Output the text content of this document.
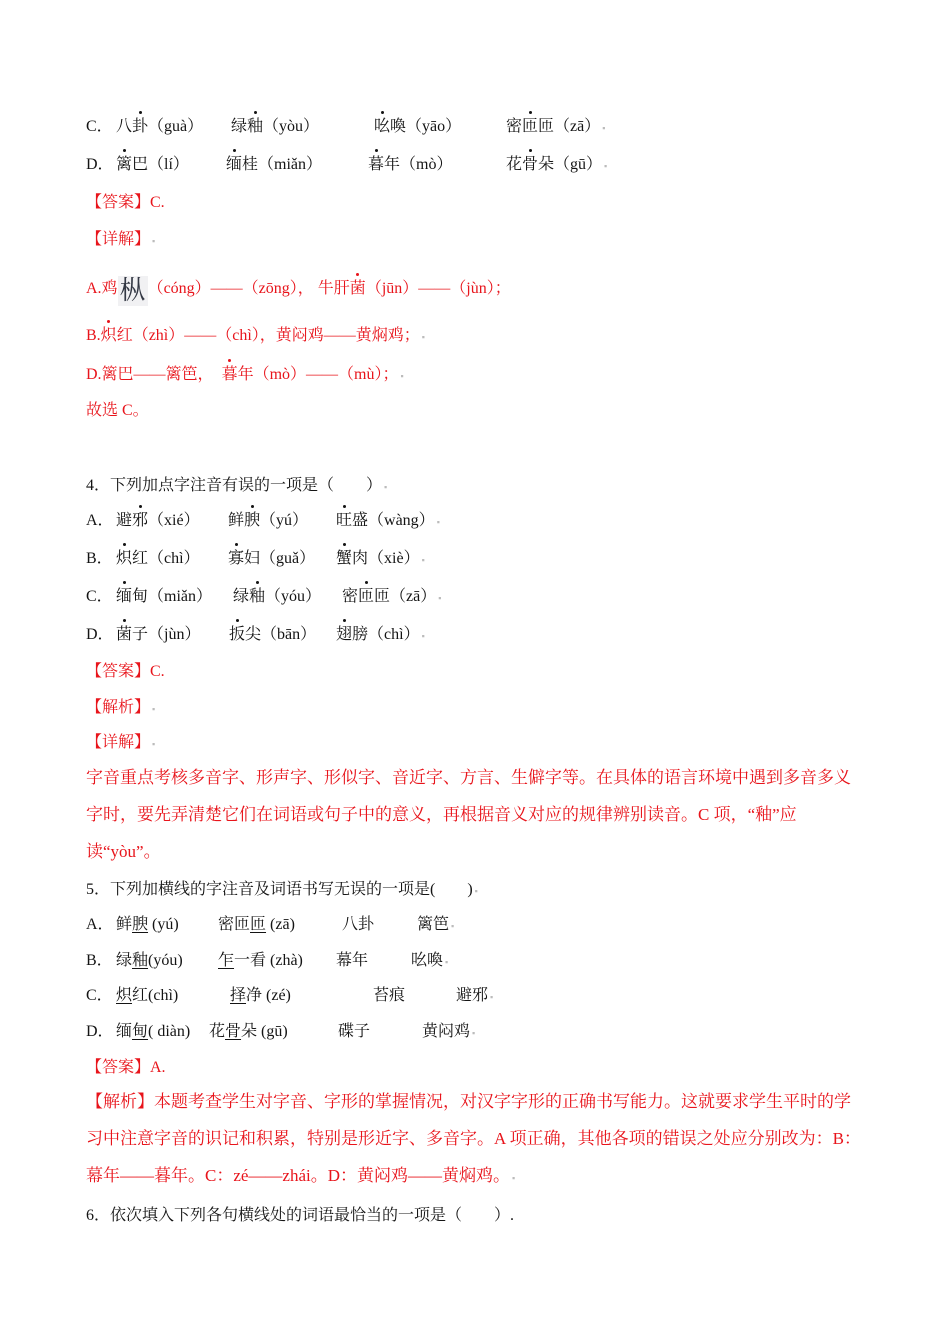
C． 八卦（guà） 绿釉（yòu）	吆喚（yāo）	密匝匝（zā） ▪
D． 篱巴（lí） 缅桂（miǎn）	暮年（mò）	花骨朵（gū） ▪
【答案】C.
【详解】 ▪
A.鸡枞 （cóng）——（zōng）， 牛肝菌（jūn）——（jùn）；
B.炽红（zhì）——（chì），黄闷鸡——黄焖鸡； ▪
D.篱巴——篱笆，  暮年（mò）——（mù）； ▪
故选 C。
4．下列加点字注音有误的一项是（　　） ▪
A． 避邪（xié） 鲜腴（yú） 旺盛（wàng） ▪
B． 炽红（chì） 寡妇（guǎ） 蟹肉（xiè） ▪
C． 缅甸（miǎn） 绿釉（yóu） 密匝匝（zā） ▪
D． 菌子（jùn） 扳尖（bān） 翅膀（chì） ▪
【答案】C.
【解析】 ▪
【详解】 ▪
字音重点考核多音字、形声字、形似字、音近字、方言、生僻字等。在具体的语言环境中遇到多音多义字时，要先弄清楚它们在词语或句子中的意义，再根据音义对应的规律辨别读音。C 项，“釉”应读“yòu”。
5．下列加横线的字注音及词语书写无误的一项是(　　) ▪
A． 鲜腴 (yú) 密匝匝 (zā)	八卦	篱笆 ▪
B． 绿釉(yóu) 乍一看 (zhà) 幕年	吆喚 ▪
C． 炽红(chì)	择净 (zé)	苔痕	避邪 ▪
D． 缅甸( diàn) 花骨朵 (gū)	碟子	黄闷鸡 ▪
【答案】A.
【解析】本题考查学生对字音、字形的掌握情况，对汉字字形的正确书写能力。这就要求学生平时的学习中注意字音的识记和积累，特别是形近字、多音字。A 项正确，其他各项的错误之处应分别改为：B：幕年——暮年。C：zé——zhái。D：黄闷鸡——黄焖鸡。 ▪
6．依次填入下列各句横线处的词语最恰当的一项是（　　）.
